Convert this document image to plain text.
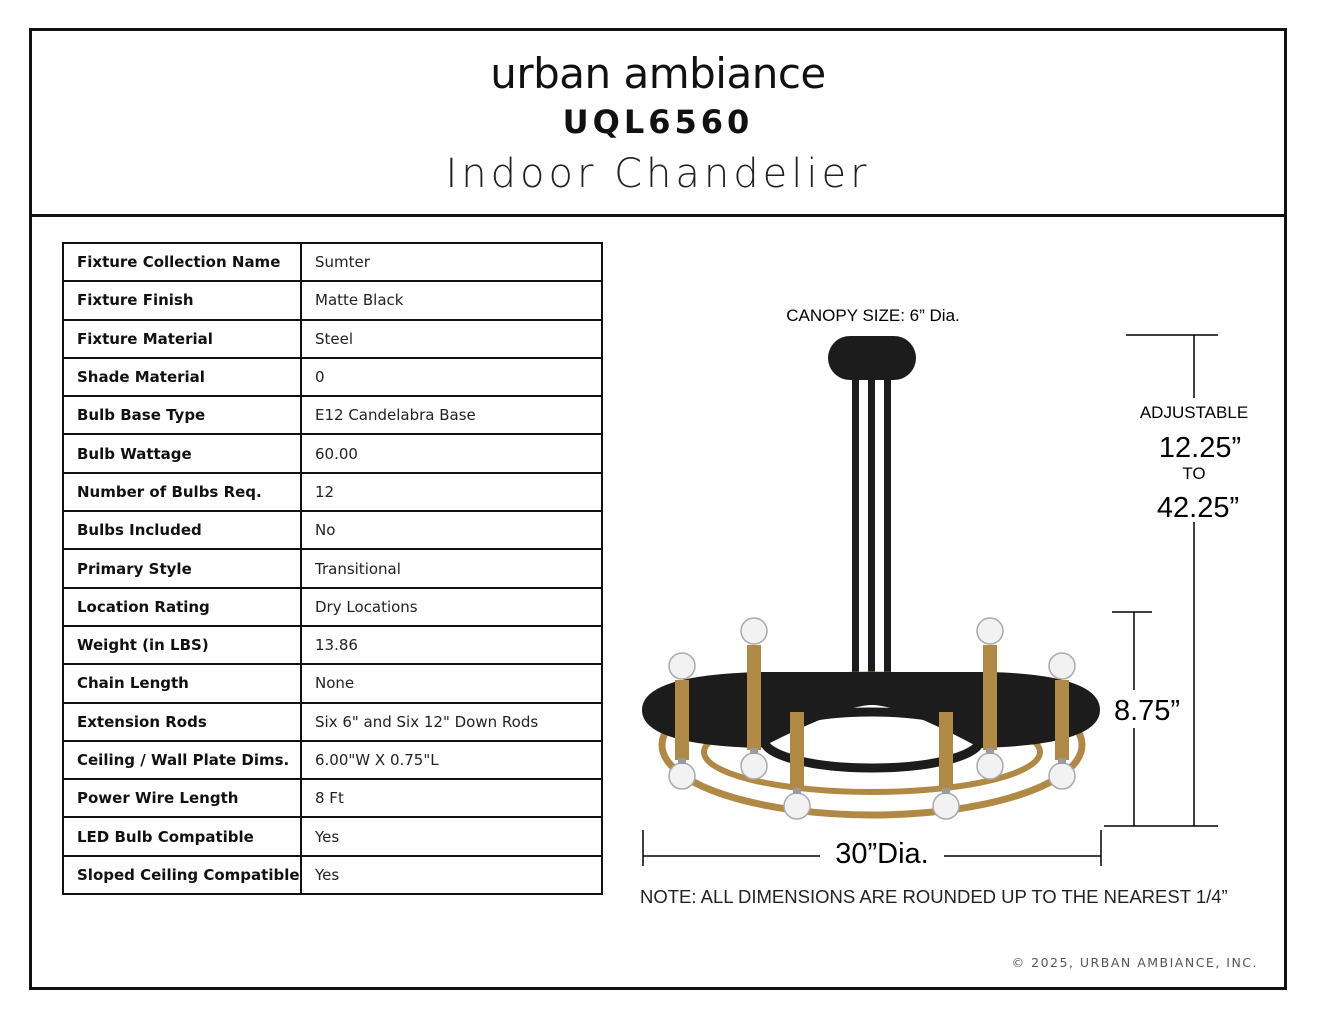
urban ambiance
UQL6560
Indoor Chandelier
Fixture Collection Name	Sumter
Fixture Finish	Matte Black
Fixture Material	Steel
Shade Material	0
Bulb Base Type	E12 Candelabra Base
Bulb Wattage	60.00
Number of Bulbs Req.	12
Bulbs Included	No
Primary Style	Transitional
Location Rating	Dry Locations
Weight (in LBS)	13.86
Chain Length	None
Extension Rods	Six 6" and Six 12" Down Rods
Ceiling / Wall Plate Dims.	6.00"W X 0.75"L
Power Wire Length	8 Ft
LED Bulb Compatible	Yes
Sloped Ceiling Compatible	Yes
© 2025, URBAN AMBIANCE, INC.
CANOPY SIZE: 6” Dia.
ADJUSTABLE
12.25”
TO
42.25”
8.75”
30”Dia.
NOTE: ALL DIMENSIONS ARE ROUNDED UP TO THE NEAREST 1/4”
